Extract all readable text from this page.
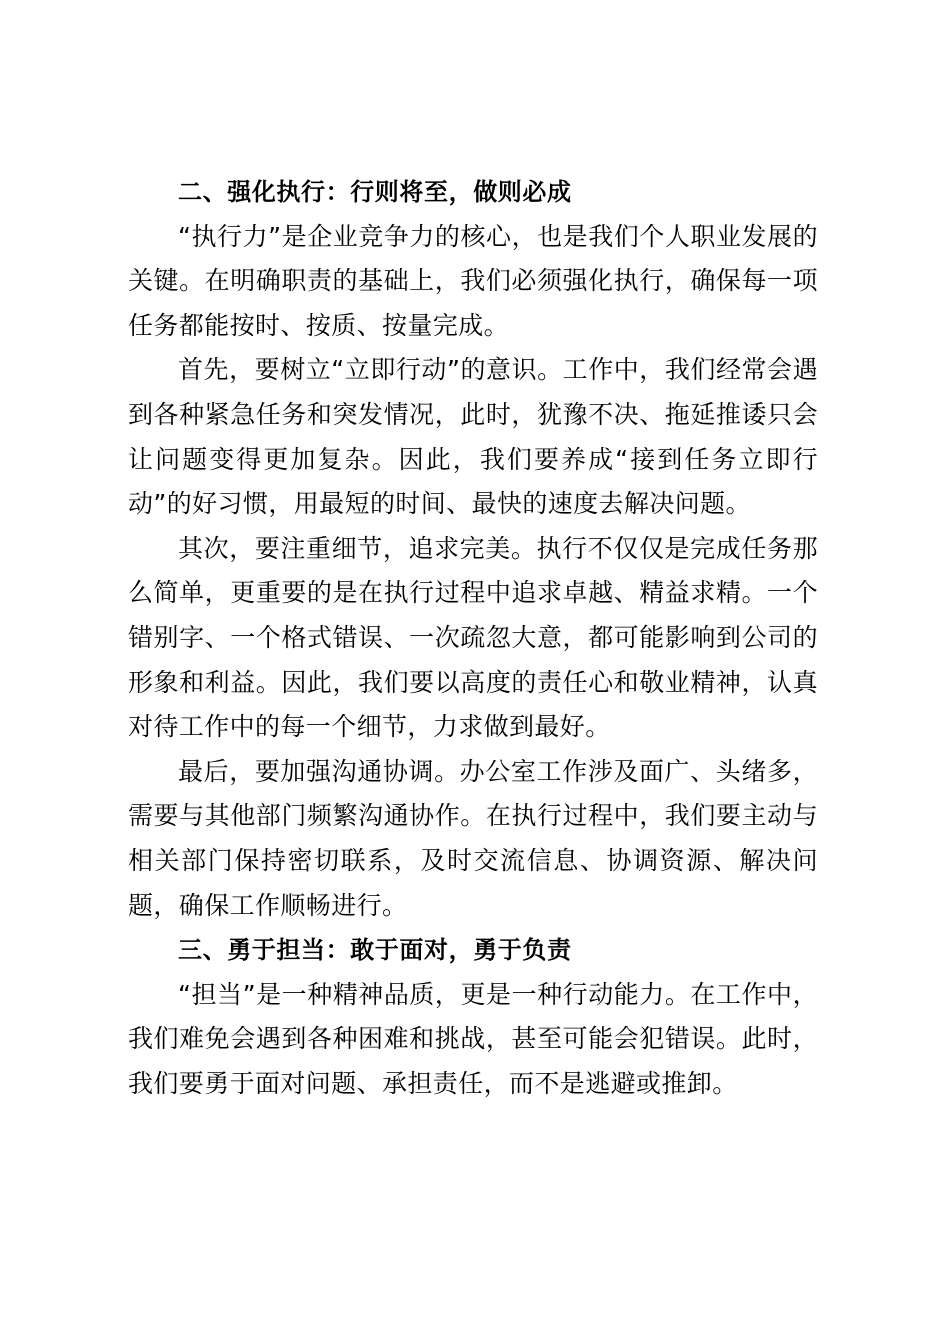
二、强化执行：行则将至，做则必成

“执行力”是企业竞争力的核心，也是我们个人职业发展的关键。在明确职责的基础上，我们必须强化执行，确保每一项任务都能按时、按质、按量完成。

首先，要树立“立即行动”的意识。工作中，我们经常会遇到各种紧急任务和突发情况，此时，犹豫不决、拖延推诿只会让问题变得更加复杂。因此，我们要养成“接到任务立即行动”的好习惯，用最短的时间、最快的速度去解决问题。

其次，要注重细节，追求完美。执行不仅仅是完成任务那么简单，更重要的是在执行过程中追求卓越、精益求精。一个错别字、一个格式错误、一次疏忽大意，都可能影响到公司的形象和利益。因此，我们要以高度的责任心和敬业精神，认真对待工作中的每一个细节，力求做到最好。

最后，要加强沟通协调。办公室工作涉及面广、头绪多，需要与其他部门频繁沟通协作。在执行过程中，我们要主动与相关部门保持密切联系，及时交流信息、协调资源、解决问题，确保工作顺畅进行。

三、勇于担当：敢于面对，勇于负责

“担当”是一种精神品质，更是一种行动能力。在工作中，我们难免会遇到各种困难和挑战，甚至可能会犯错误。此时，我们要勇于面对问题、承担责任，而不是逃避或推卸。
